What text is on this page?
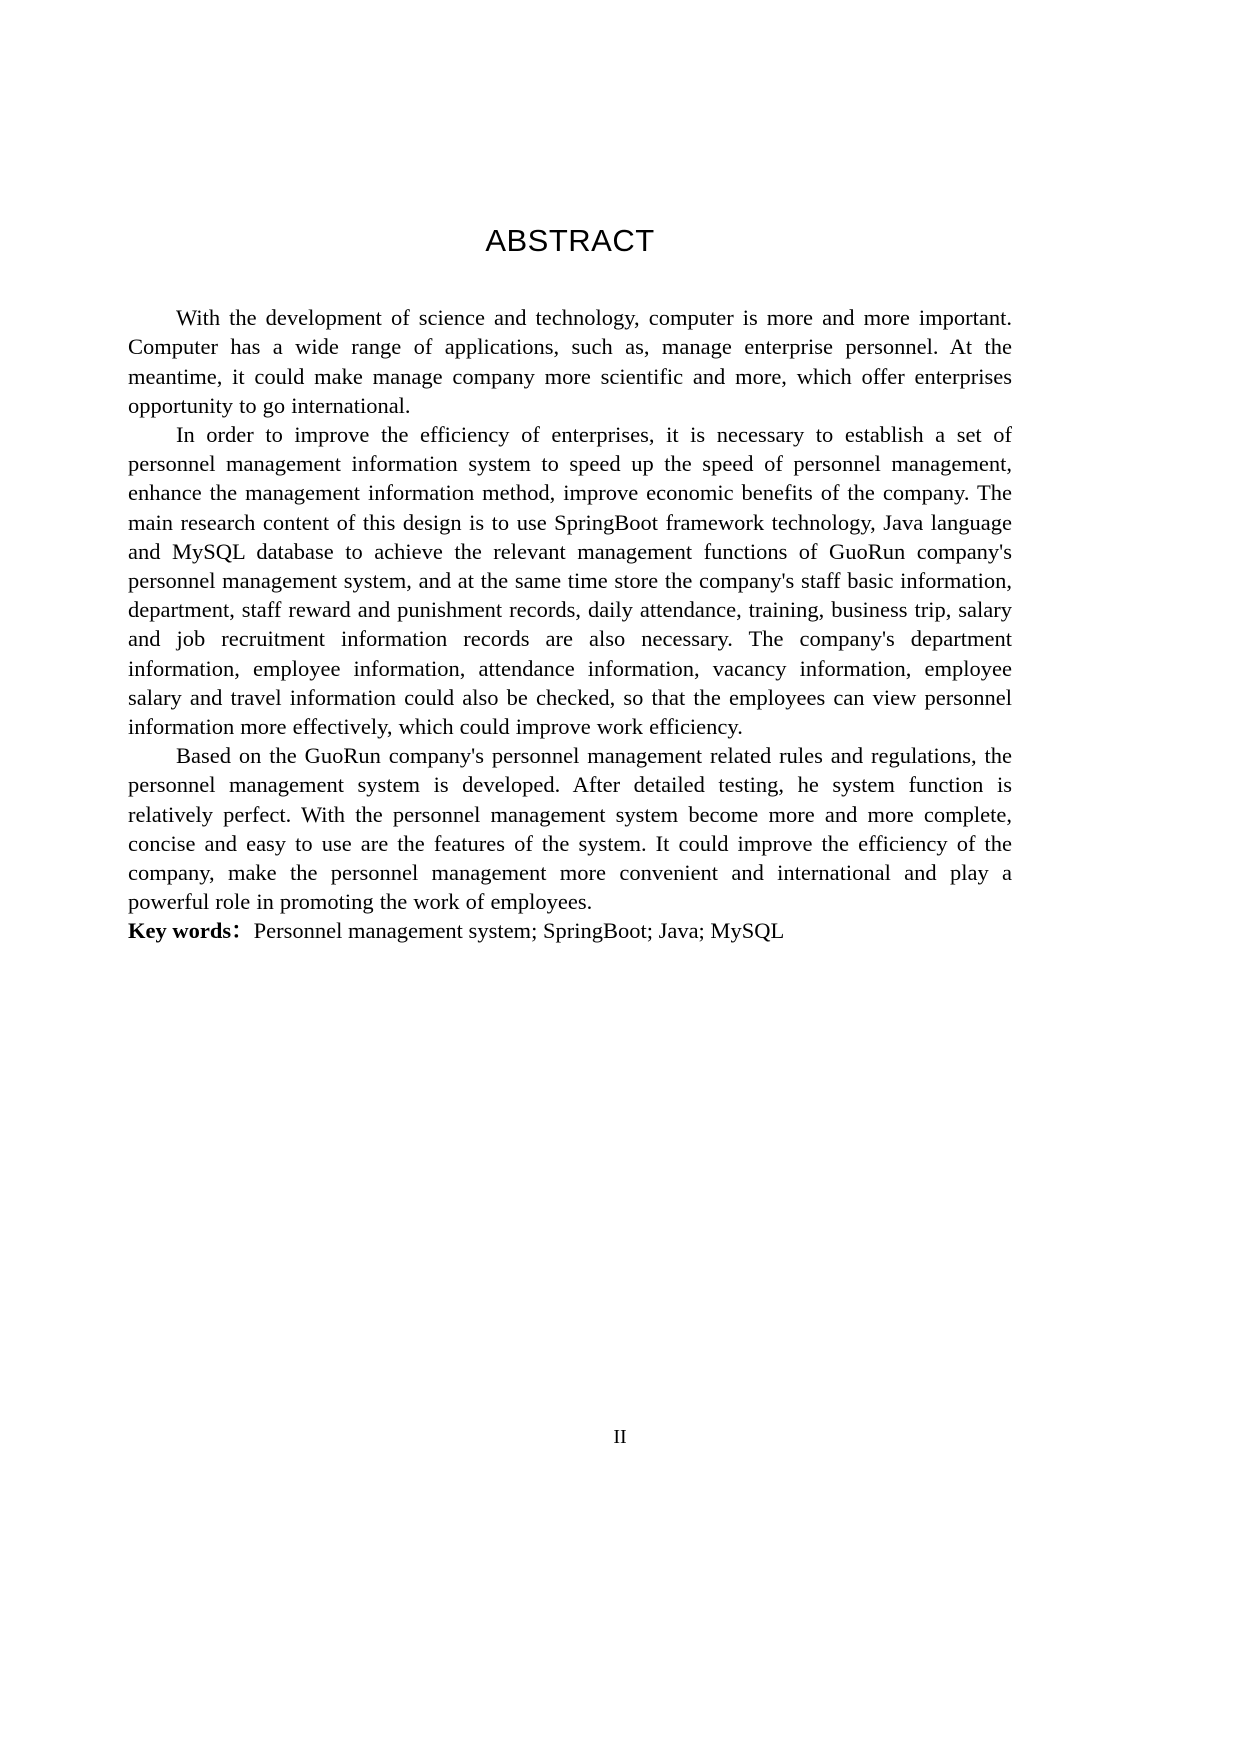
ABSTRACT

With the development of science and technology, computer is more and more important. Computer has a wide range of applications, such as, manage enterprise personnel. At the meantime, it could make manage company more scientific and more, which offer enterprises opportunity to go international.

In order to improve the efficiency of enterprises, it is necessary to establish a set of personnel management information system to speed up the speed of personnel management, enhance the management information method, improve economic benefits of the company. The main research content of this design is to use SpringBoot framework technology, Java language and MySQL database to achieve the relevant management functions of GuoRun company's personnel management system, and at the same time store the company's staff basic information, department, staff reward and punishment records, daily attendance, training, business trip, salary and job recruitment information records are also necessary. The company's department information, employee information, attendance information, vacancy information, employee salary and travel information could also be checked, so that the employees can view personnel information more effectively, which could improve work efficiency.

Based on the GuoRun company's personnel management related rules and regulations, the personnel management system is developed. After detailed testing, he system function is relatively perfect. With the personnel management system become more and more complete, concise and easy to use are the features of the system. It could improve the efficiency of the company, make the personnel management more convenient and international and play a powerful role in promoting the work of employees.

Key words：Personnel management system; SpringBoot; Java; MySQL

II
